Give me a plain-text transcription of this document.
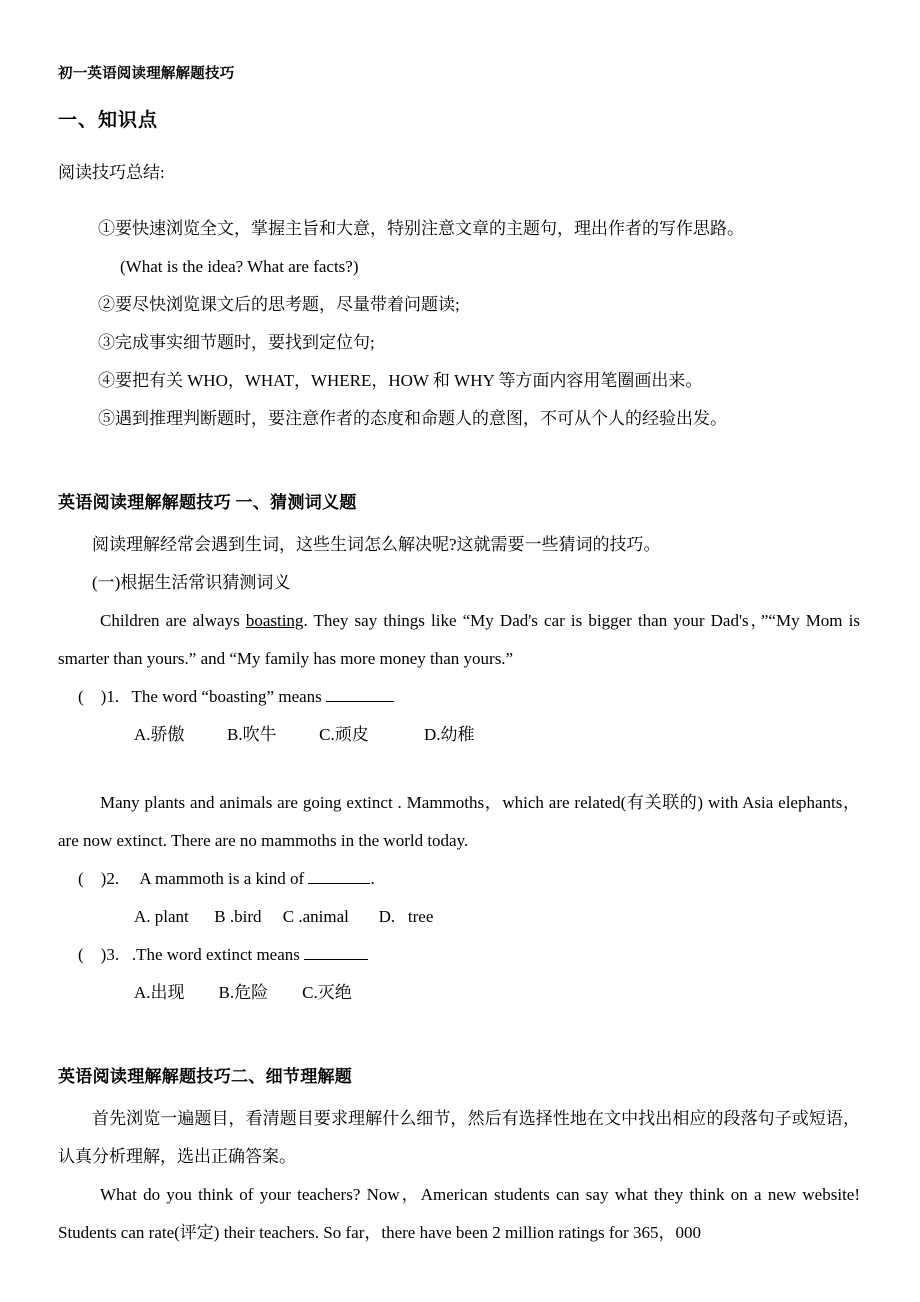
初一英语阅读理解解题技巧

一、知识点

阅读技巧总结:

①要快速浏览全文，掌握主旨和大意，特别注意文章的主题句，理出作者的写作思路。
(What is the idea? What are facts?)
②要尽快浏览课文后的思考题，尽量带着问题读;
③完成事实细节题时，要找到定位句;
④要把有关 WHO，WHAT，WHERE，HOW 和 WHY 等方面内容用笔圈画出来。
⑤遇到推理判断题时，要注意作者的态度和命题人的意图，不可从个人的经验出发。

英语阅读理解解题技巧 一、猜测词义题

阅读理解经常会遇到生词，这些生词怎么解决呢?这就需要一些猜词的技巧。

(一)根据生活常识猜测词义

Children are always boasting. They say things like “My Dad's car is bigger than your Dad's，”“My Mom is smarter than yours.” and “My family has more money than yours.”

(    )1. The word “boasting” means

A.骄傲	B.吹牛	C.顽皮	D.幼稚

Many plants and animals are going extinct . Mammoths，which are related(有关联的) with Asia elephants，are now extinct. There are no mammoths in the world today.

(    )2. A mammoth is a kind of	.

A. plant B .bird C .animal D.   tree

(    )3. .The word extinct means

A.出现 B.危险 C.灭绝

英语阅读理解解题技巧二、细节理解题

首先浏览一遍题目，看清题目要求理解什么细节，然后有选择性地在文中找出相应的段落句子或短语，认真分析理解，选出正确答案。

What do you think of your teachers? Now，American students can say what they think on a new website! Students can rate(评定) their teachers. So far，there have been 2 million ratings for 365，000
